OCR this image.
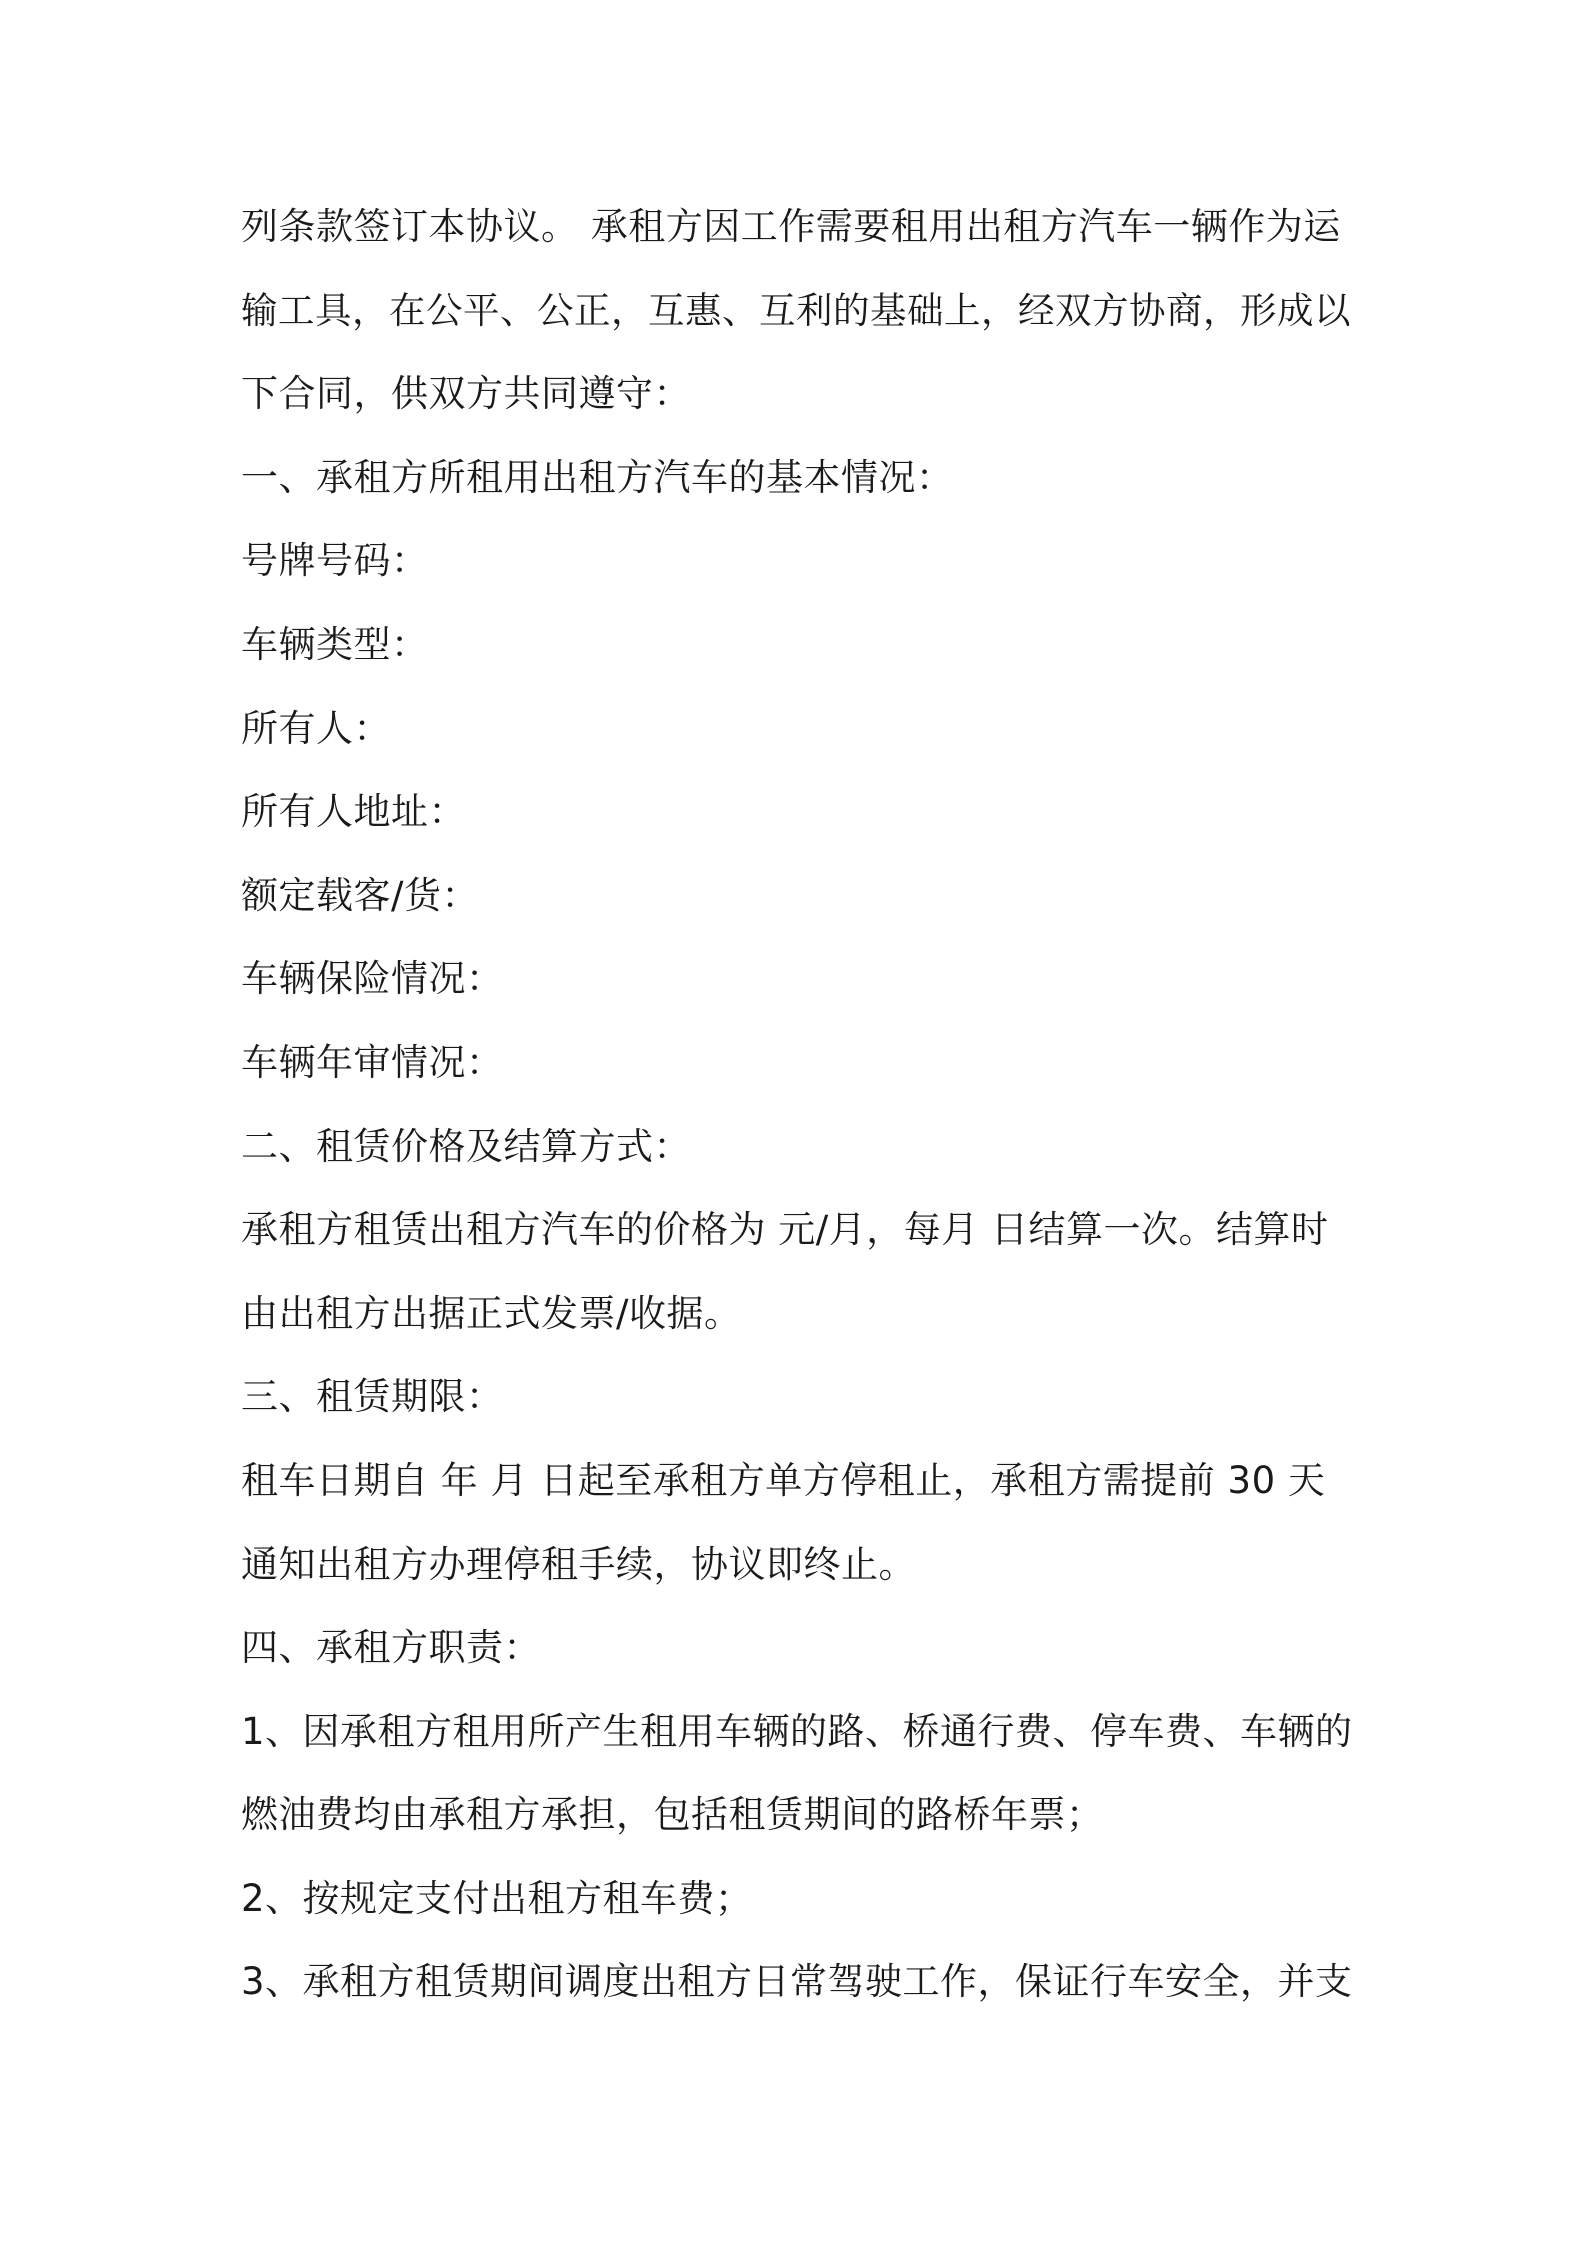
列条款签订本协议。 承租方因工作需要租用出租方汽车一辆作为运
输工具，在公平、公正，互惠、互利的基础上，经双方协商，形成以
下合同，供双方共同遵守：
一、承租方所租用出租方汽车的基本情况：
号牌号码：
车辆类型：
所有人：
所有人地址：
额定载客/货：
车辆保险情况：
车辆年审情况：
二、租赁价格及结算方式：
承租方租赁出租方汽车的价格为 元/月，每月 日结算一次。结算时
由出租方出据正式发票/收据。
三、租赁期限：
租车日期自 年 月 日起至承租方单方停租止，承租方需提前 30 天
通知出租方办理停租手续，协议即终止。
四、承租方职责：
1、因承租方租用所产生租用车辆的路、桥通行费、停车费、车辆的
燃油费均由承租方承担，包括租赁期间的路桥年票；
2、按规定支付出租方租车费；
3、承租方租赁期间调度出租方日常驾驶工作，保证行车安全，并支
